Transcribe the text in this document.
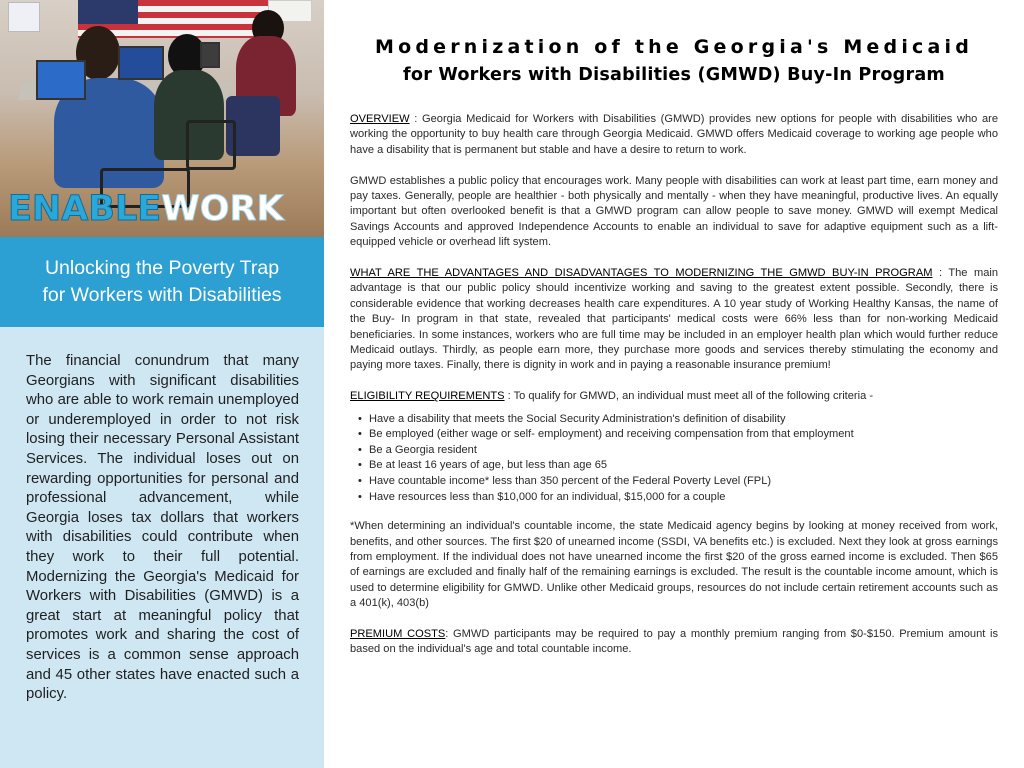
ENABLEWORK
Unlocking the Poverty Trap
for Workers with Disabilities

The financial conundrum that many Georgians with significant disabilities who are able to work remain unemployed or underemployed in order to not risk losing their necessary Personal Assistant Services. The individual loses out on rewarding opportunities for personal and professional advancement, while Georgia loses tax dollars that workers with disabilities could contribute when they work to their full potential. Modernizing the Georgia's Medicaid for Workers with Disabilities (GMWD) is a great start at meaningful policy that promotes work and sharing the cost of services is a common sense approach and 45 other states have enacted such a policy.

Modernization of the Georgia's Medicaid
for Workers with Disabilities (GMWD) Buy-In Program

OVERVIEW : Georgia Medicaid for Workers with Disabilities (GMWD) provides new options for people with disabilities who are working the opportunity to buy health care through Georgia Medicaid. GMWD offers Medicaid coverage to working age people who have a disability that is permanent but stable and have a desire to return to work.

GMWD establishes a public policy that encourages work. Many people with disabilities can work at least part time, earn money and pay taxes. Generally, people are healthier - both physically and mentally - when they have meaningful, productive lives. An equally important but often overlooked benefit is that a GMWD program can allow people to save money. GMWD will exempt Medical Savings Accounts and approved Independence Accounts to enable an individual to save for adaptive equipment such as a lift-equipped vehicle or overhead lift system.

WHAT ARE THE ADVANTAGES AND DISADVANTAGES TO MODERNIZING THE GMWD BUY-IN PROGRAM : The main advantage is that our public policy should incentivize working and saving to the greatest extent possible. Secondly, there is considerable evidence that working decreases health care expenditures. A 10 year study of Working Healthy Kansas, the name of the Buy- In program in that state, revealed that participants' medical costs were 66% less than for non-working Medicaid beneficiaries. In some instances, workers who are full time may be included in an employer health plan which would further reduce Medicaid outlays. Thirdly, as people earn more, they purchase more goods and services thereby stimulating the economy and paying more taxes. Finally, there is dignity in work and in paying a reasonable insurance premium!

ELIGIBILITY REQUIREMENTS : To qualify for GMWD, an individual must meet all of the following criteria -

• Have a disability that meets the Social Security Administration's definition of disability
• Be employed (either wage or self- employment) and receiving compensation from that employment
• Be a Georgia resident
• Be at least 16 years of age, but less than age 65
• Have countable income* less than 350 percent of the Federal Poverty Level (FPL)
• Have resources less than $10,000 for an individual, $15,000 for a couple

*When determining an individual's countable income, the state Medicaid agency begins by looking at money received from work, benefits, and other sources. The first $20 of unearned income (SSDI, VA benefits etc.) is excluded. Next they look at gross earnings from employment. If the individual does not have unearned income the first $20 of the gross earned income is excluded. Then $65 of earnings are excluded and finally half of the remaining earnings is excluded. The result is the countable income amount, which is used to determine eligibility for GMWD. Unlike other Medicaid groups, resources do not include certain retirement accounts such as a 401(k), 403(b)

PREMIUM COSTS: GMWD participants may be required to pay a monthly premium ranging from $0-$150. Premium amount is based on the individual's age and total countable income.
